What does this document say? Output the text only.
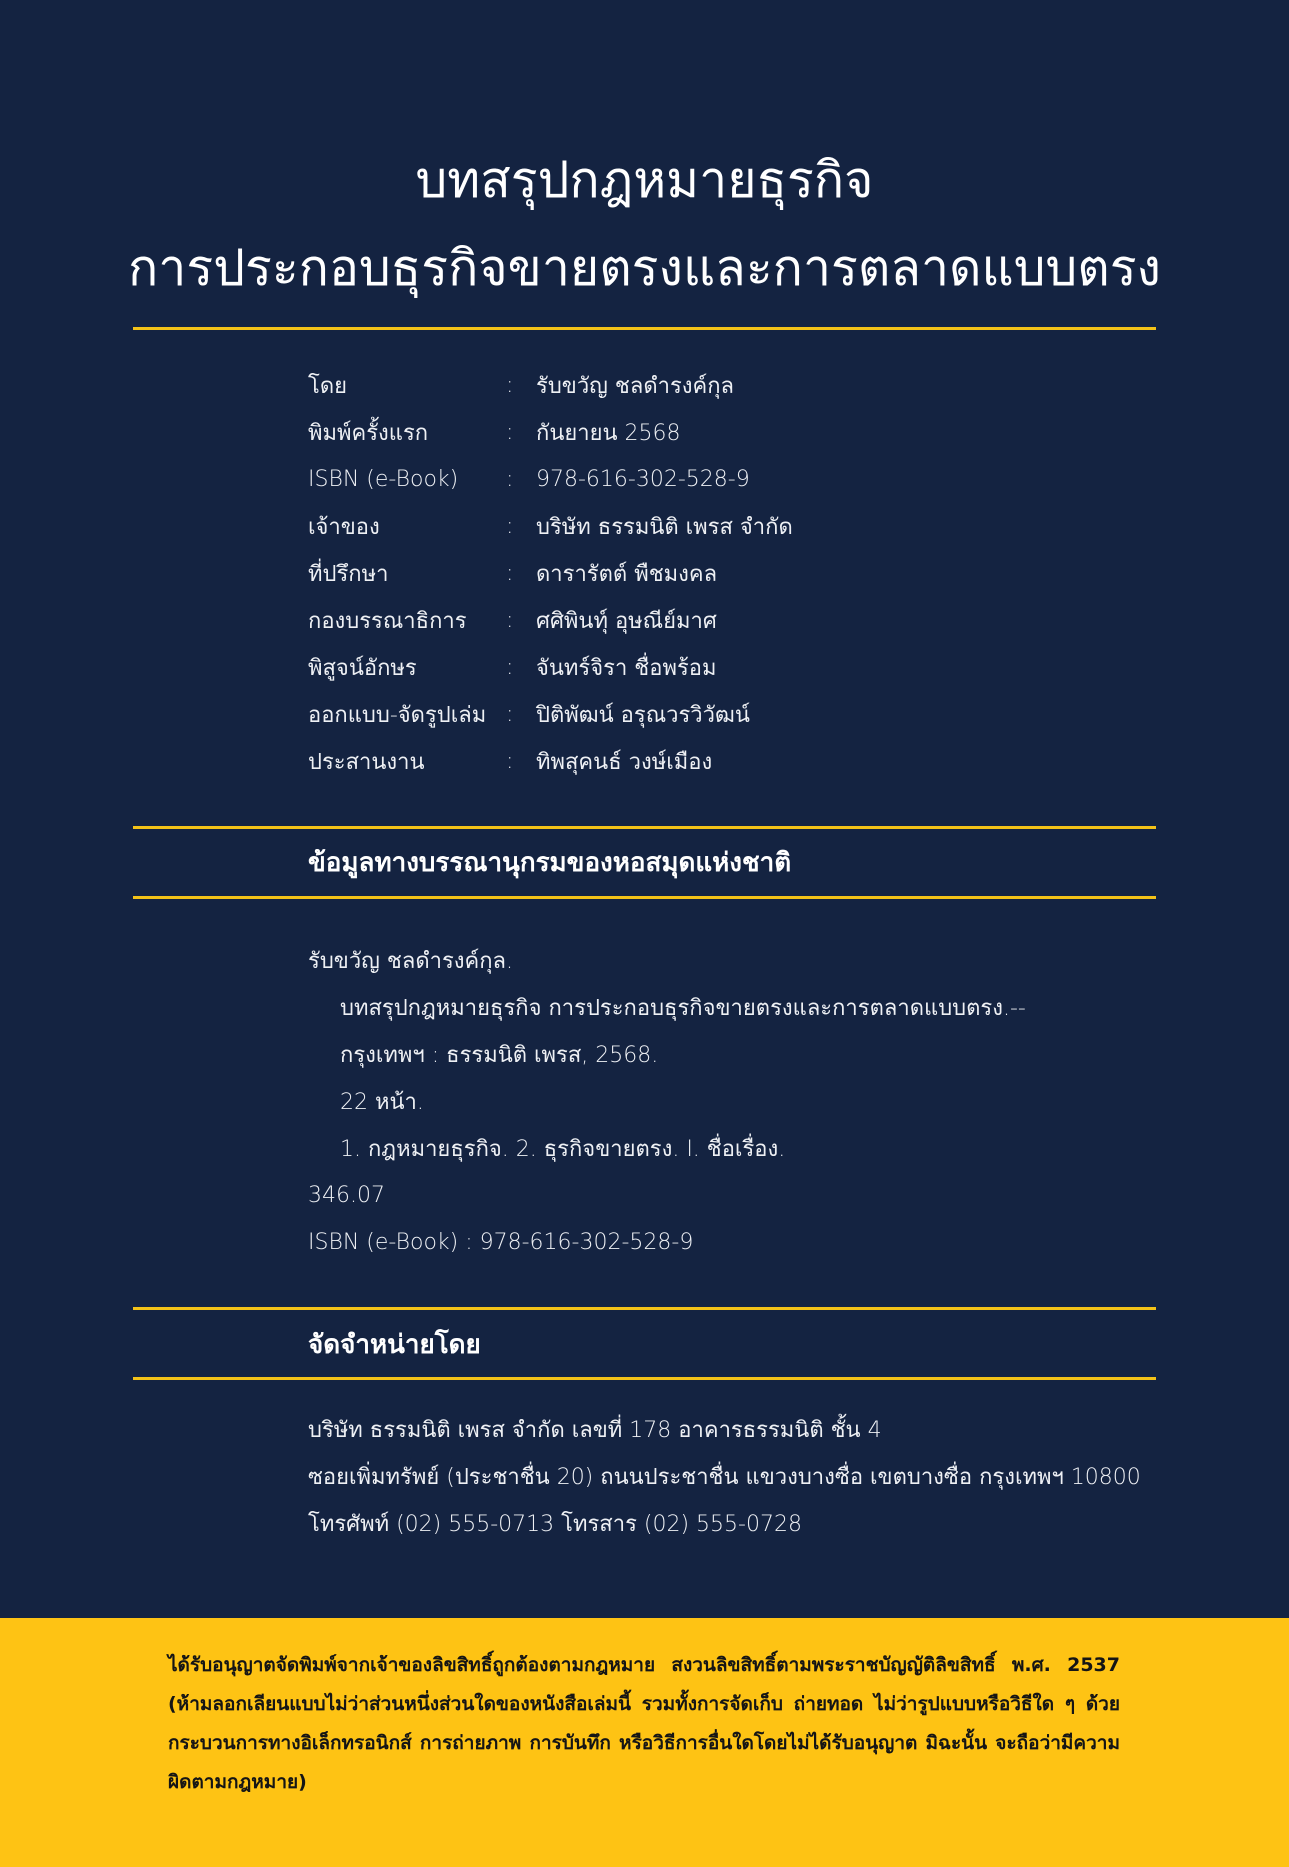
บทสรุปกฎหมายธุรกิจ
การประกอบธุรกิจขายตรงและการตลาดแบบตรง
โดย	:	รับขวัญ ชลดำรงค์กุล
พิมพ์ครั้งแรก	:	กันยายน 2568
ISBN (e-Book)	:	978-616-302-528-9
เจ้าของ	:	บริษัท ธรรมนิติ เพรส จำกัด
ที่ปรึกษา	:	ดารารัตต์ พืชมงคล
กองบรรณาธิการ	:	ศศิพินทุ์ อุษณีย์มาศ
พิสูจน์อักษร	:	จันทร์จิรา ชื่อพร้อม
ออกแบบ-จัดรูปเล่ม :	ปิติพัฒน์ อรุณวรวิวัฒน์
ประสานงาน	:	ทิพสุคนธ์ วงษ์เมือง
ข้อมูลทางบรรณานุกรมของหอสมุดแห่งชาติ
รับขวัญ ชลดำรงค์กุล.
บทสรุปกฎหมายธุรกิจ การประกอบธุรกิจขายตรงและการตลาดแบบตรง.--
กรุงเทพฯ : ธรรมนิติ เพรส, 2568.
22 หน้า.
1. กฎหมายธุรกิจ. 2. ธุรกิจขายตรง. I. ชื่อเรื่อง.
346.07
ISBN (e-Book) : 978-616-302-528-9
จัดจำหน่ายโดย
บริษัท ธรรมนิติ เพรส จำกัด เลขที่ 178 อาคารธรรมนิติ ชั้น 4
ซอยเพิ่มทรัพย์ (ประชาชื่น 20) ถนนประชาชื่น แขวงบางซื่อ เขตบางซื่อ กรุงเทพฯ 10800
โทรศัพท์ (02) 555-0713 โทรสาร (02) 555-0728

ได้รับอนุญาตจัดพิมพ์จากเจ้าของลิขสิทธิ์ถูกต้องตามกฎหมาย สงวนลิขสิทธิ์ตามพระราชบัญญัติลิขสิทธิ์ พ.ศ. 2537 (ห้ามลอกเลียนแบบไม่ว่าส่วนหนึ่งส่วนใดของหนังสือเล่มนี้ รวมทั้งการจัดเก็บ ถ่ายทอด ไม่ว่ารูปแบบหรือวิธีใด ๆ ด้วยกระบวนการทางอิเล็กทรอนิกส์ การถ่ายภาพ การบันทึก หรือวิธีการอื่นใดโดยไม่ได้รับอนุญาต มิฉะนั้น จะถือว่ามีความผิดตามกฎหมาย)
